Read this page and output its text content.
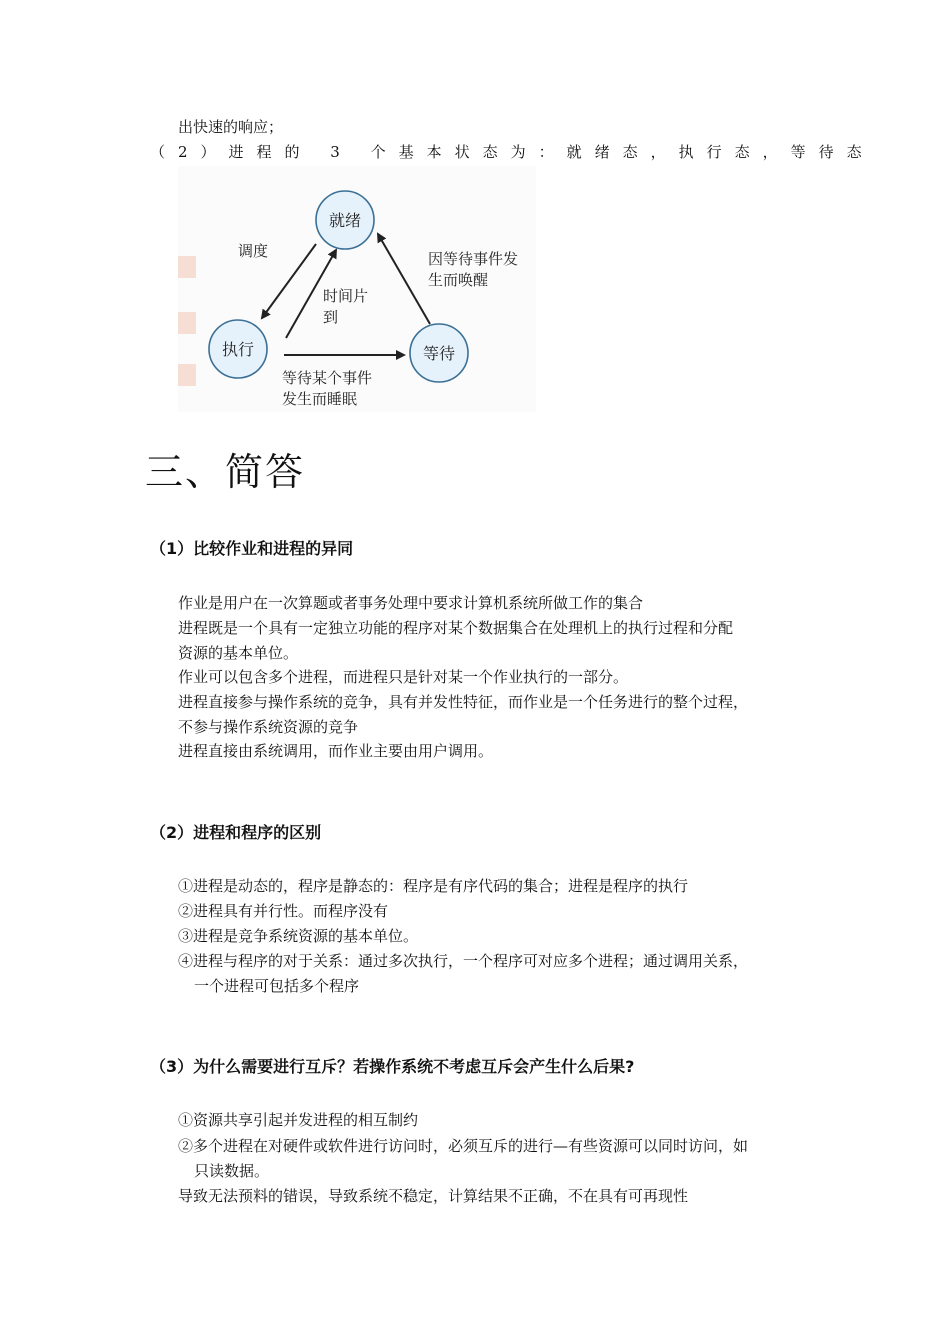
出快速的响应；
（2）进程的 3 个基本状态为：就绪态，执行态，等待态
就绪
执行	等待
调度
时间片
到
因等待事件发
生而唤醒
等待某个事件
发生而睡眠
三、简答
（1）比较作业和进程的异同
作业是用户在一次算题或者事务处理中要求计算机系统所做工作的集合
进程既是一个具有一定独立功能的程序对某个数据集合在处理机上的执行过程和分配
资源的基本单位。
作业可以包含多个进程，而进程只是针对某一个作业执行的一部分。
进程直接参与操作系统的竞争，具有并发性特征，而作业是一个任务进行的整个过程，
不参与操作系统资源的竞争
进程直接由系统调用，而作业主要由用户调用。
（2）进程和程序的区别
①进程是动态的，程序是静态的：程序是有序代码的集合；进程是程序的执行
②进程具有并行性。而程序没有
③进程是竞争系统资源的基本单位。
④进程与程序的对于关系：通过多次执行，一个程序可对应多个进程；通过调用关系，
一个进程可包括多个程序
（3）为什么需要进行互斥？若操作系统不考虑互斥会产生什么后果?
①资源共享引起并发进程的相互制约
②多个进程在对硬件或软件进行访问时，必须互斥的进行—有些资源可以同时访问，如
只读数据。
导致无法预料的错误，导致系统不稳定，计算结果不正确，不在具有可再现性
